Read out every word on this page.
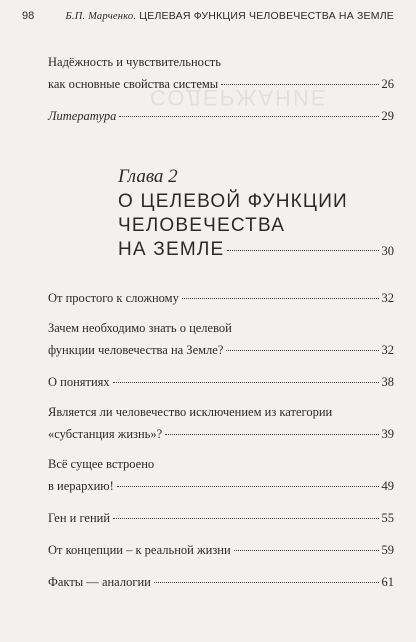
СОДЕРЖАНИЕ
98	Б.П. Марченко. ЦЕЛЕВАЯ ФУНКЦИЯ ЧЕЛОВЕЧЕСТВА НА ЗЕМЛЕ
Надёжность и чувствительность
как основные свойства системы	26
Литература	29
Глава 2
О ЦЕЛЕВОЙ ФУНКЦИИ
ЧЕЛОВЕЧЕСТВА
НА ЗЕМЛЕ	30
От простого к сложному	32
Зачем необходимо знать о целевой
функции человечества на Земле?	32
О понятиях	38
Является ли человечество исключением из категории
«субстанция жизнь»?	39
Всё сущее встроено
в иерархию!	49
Ген и гений	55
От концепции – к реальной жизни	59
Факты — аналогии	61
